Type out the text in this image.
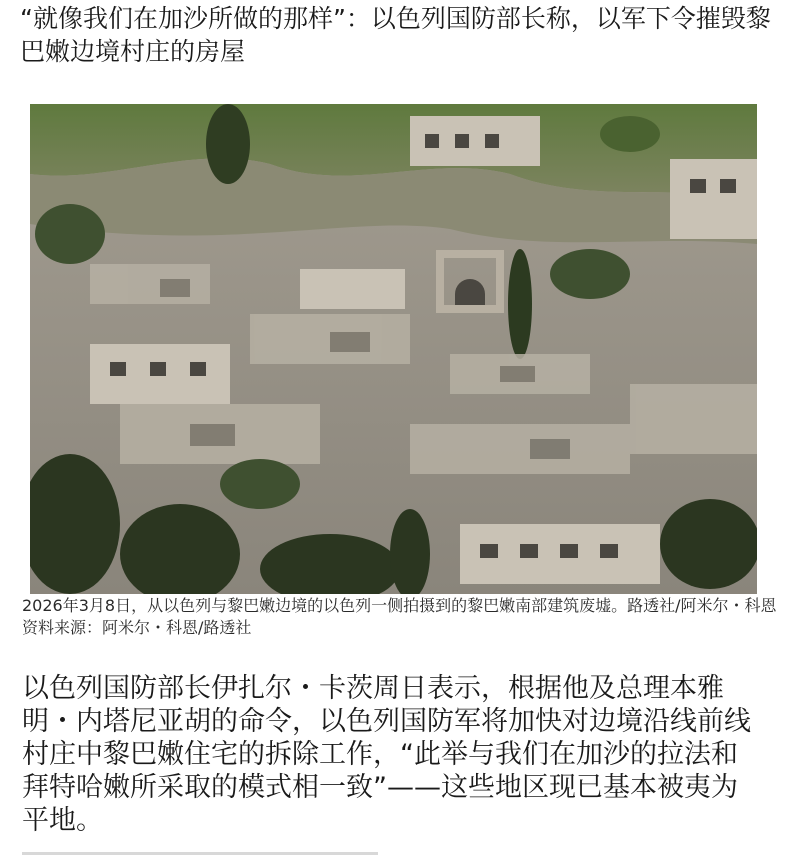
“就像我们在加沙所做的那样”：以色列国防部长称，以军下令摧毁黎巴嫩边境村庄的房屋

2026年3月8日，从以色列与黎巴嫩边境的以色列一侧拍摄到的黎巴嫩南部建筑废墟。路透社/阿米尔・科恩 资料来源：阿米尔・科恩/路透社

以色列国防部长伊扎尔・卡茨周日表示，根据他及总理本雅明・内塔尼亚胡的命令，以色列国防军将加快对边境沿线前线村庄中黎巴嫩住宅的拆除工作，“此举与我们在加沙的拉法和拜特哈嫩所采取的模式相一致”——这些地区现已基本被夷为平地。
